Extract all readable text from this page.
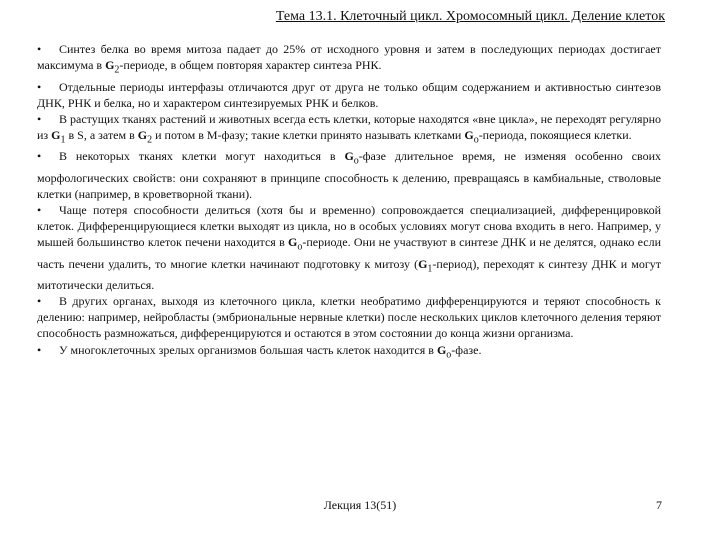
Тема 13.1. Клеточный цикл. Хромосомный цикл. Деление клеток

• Синтез белка во время митоза падает до 25% от исходного уровня и затем в последующих периодах достигает максимума в $G_2$-периоде, в общем повторяя характер синтеза РНК.

• Отдельные периоды интерфазы отличаются друг от друга не только общим содержанием и активностью синтезов ДНК, РНК и белка, но и характером синтезируемых РНК и белков.

• В растущих тканях растений и животных всегда есть клетки, которые находятся «вне цикла», не переходят регулярно из $G_1$ в S, а затем в $G_2$ и потом в М-фазу; такие клетки принято называть клетками $G_о$-периода, покоящиеся клетки.

• В некоторых тканях клетки могут находиться в $G_о$-фазе длительное время, не изменяя особенно своих морфологических свойств: они сохраняют в принципе способность к делению, превращаясь в камбиальные, стволовые клетки (например, в кроветворной ткани).

• Чаще потеря способности делиться (хотя бы и временно) сопровождается специализацией, дифференцировкой клеток. Дифференцирующиеся клетки выходят из цикла, но в особых условиях могут снова входить в него. Например, у мышей большинство клеток печени находится в $G_о$-периоде. Они не участвуют в синтезе ДНК и не делятся, однако если часть печени удалить, то многие клетки начинают подготовку к митозу $(G_1-период)$, переходят к синтезу ДНК и могут митотически делиться.

• В других органах, выходя из клеточного цикла, клетки необратимо дифференцируются и теряют способность к делению: например, нейробласты (эмбриональные нервные клетки) после нескольких циклов клеточного деления теряют способность размножаться, дифференцируются и остаются в этом состоянии до конца жизни организма.

• У многоклеточных зрелых организмов большая часть клеток находится в $G_о$-фазе.

Лекция 13(51)	7
